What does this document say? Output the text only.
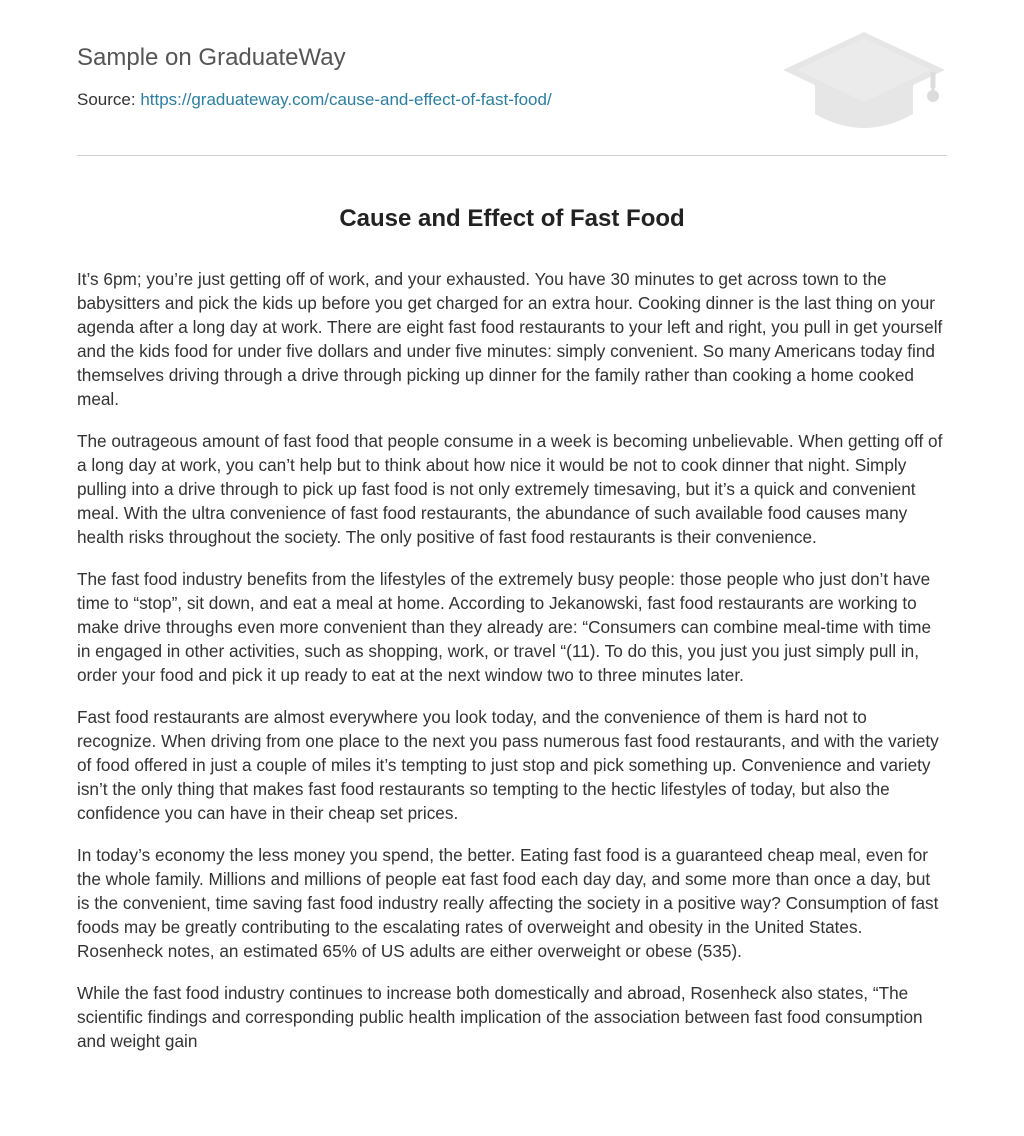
Sample on GraduateWay
Source: https://graduateway.com/cause-and-effect-of-fast-food/
Cause and Effect of Fast Food

It’s 6pm; you’re just getting off of work, and your exhausted. You have 30 minutes to get across town to the babysitters and pick the kids up before you get charged for an extra hour. Cooking dinner is the last thing on your agenda after a long day at work. There are eight fast food restaurants to your left and right, you pull in get yourself and the kids food for under five dollars and under five minutes: simply convenient. So many Americans today find themselves driving through a drive through picking up dinner for the family rather than cooking a home cooked meal.

The outrageous amount of fast food that people consume in a week is becoming unbelievable. When getting off of a long day at work, you can’t help but to think about how nice it would be not to cook dinner that night. Simply pulling into a drive through to pick up fast food is not only extremely timesaving, but it’s a quick and convenient meal. With the ultra convenience of fast food restaurants, the abundance of such available food causes many health risks throughout the society. The only positive of fast food restaurants is their convenience.

The fast food industry benefits from the lifestyles of the extremely busy people: those people who just don’t have time to “stop”, sit down, and eat a meal at home. According to Jekanowski, fast food restaurants are working to make drive throughs even more convenient than they already are: “Consumers can combine meal-time with time in engaged in other activities, such as shopping, work, or travel “(11). To do this, you just you just simply pull in, order your food and pick it up ready to eat at the next window two to three minutes later.

Fast food restaurants are almost everywhere you look today, and the convenience of them is hard not to recognize. When driving from one place to the next you pass numerous fast food restaurants, and with the variety of food offered in just a couple of miles it’s tempting to just stop and pick something up. Convenience and variety isn’t the only thing that makes fast food restaurants so tempting to the hectic lifestyles of today, but also the confidence you can have in their cheap set prices.

In today’s economy the less money you spend, the better. Eating fast food is a guaranteed cheap meal, even for the whole family. Millions and millions of people eat fast food each day day, and some more than once a day, but is the convenient, time saving fast food industry really affecting the society in a positive way? Consumption of fast foods may be greatly contributing to the escalating rates of overweight and obesity in the United States. Rosenheck notes, an estimated 65% of US adults are either overweight or obese (535).

While the fast food industry continues to increase both domestically and abroad, Rosenheck also states, “The scientific findings and corresponding public health implication of the association between fast food consumption and weight gain
